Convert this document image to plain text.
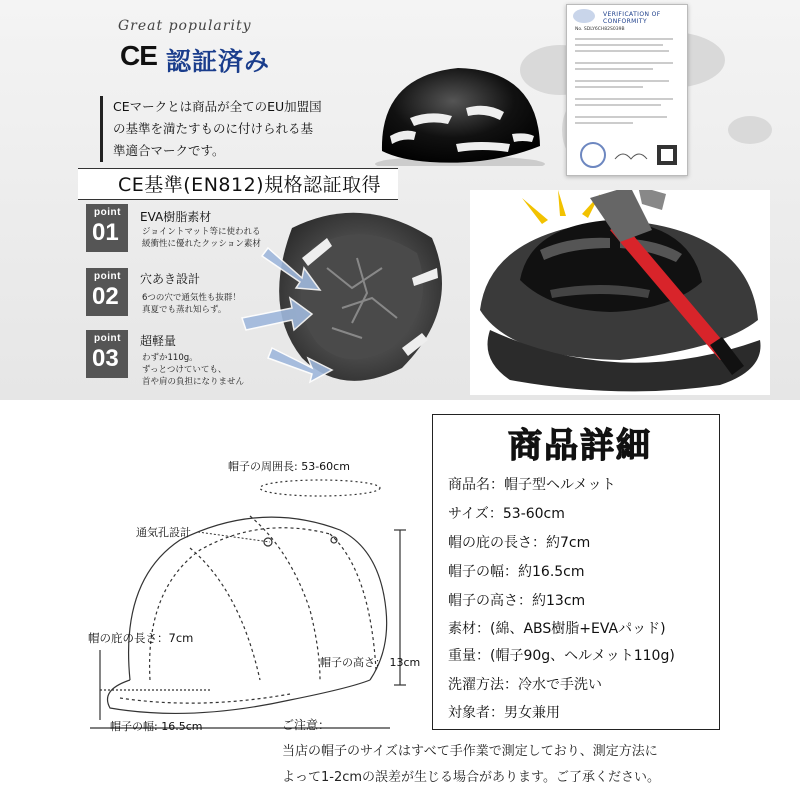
Great popularity
CE 認証済み
CEマークとは商品が全てのEU加盟国
の基準を満たすものに付けられる基
準適合マークです。
CE基準(EN812)規格認証取得
VERIFICATION OF CONFORMITY
No. SDLY6CH82S039B
point
01
EVA樹脂素材
ジョイントマット等に使われる
緩衝性に優れたクッション素材
point
02
穴あき設計
6つの穴で通気性も抜群！
真夏でも蒸れ知らず。
point
03
超軽量
わずか110g。
ずっとつけていても、
首や肩の負担になりません
帽子の周囲長: 53-60cm
通気孔設計
帽の庇の長さ：7cm
帽子の高さ： 13cm
帽子の幅: 16.5cm
商品詳細
商品名：帽子型ヘルメット
サイズ：53-60cm
帽の庇の長さ：約7cm
帽子の幅：約16.5cm
帽子の高さ：約13cm
素材：(綿、ABS樹脂+EVAパッド)
重量：(帽子90g、ヘルメット110g)
洗濯方法：冷水で手洗い
対象者：男女兼用
ご注意：
当店の帽子のサイズはすべて手作業で測定しており、測定方法に
よって1-2cmの誤差が生じる場合があります。ご了承ください。
